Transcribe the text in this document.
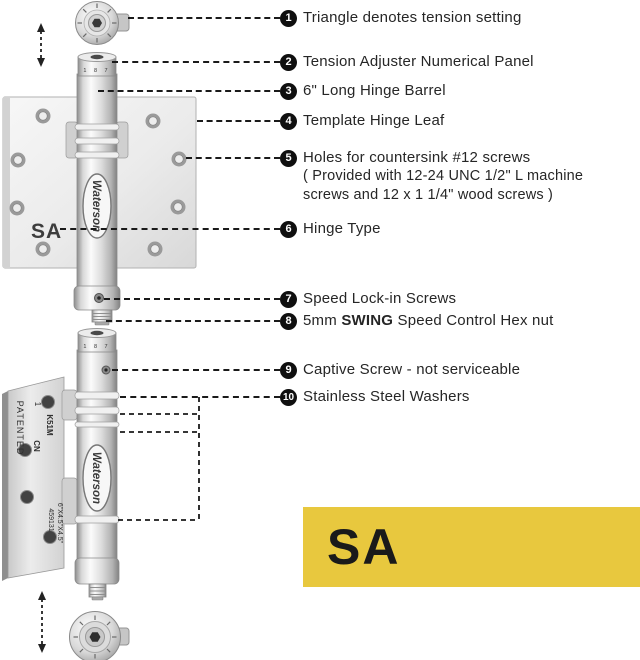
SA
1 8 7
Waterson
PATENTED 1
K51M
CN
459131 6"X4.5"X4.5"
1 8 7
Waterson
1 Triangle denotes tension setting
2 Tension Adjuster Numerical Panel
3 6" Long Hinge Barrel
4 Template Hinge Leaf
5 Holes for countersink #12 screws
( Provided with 12-24 UNC 1/2" L machine
screws and 12 x 1 1/4" wood screws )
6 Hinge Type
7 Speed Lock-in Screws
8 5mm SWING Speed Control Hex nut
9 Captive Screw - not serviceable
10 Stainless Steel Washers
SA
